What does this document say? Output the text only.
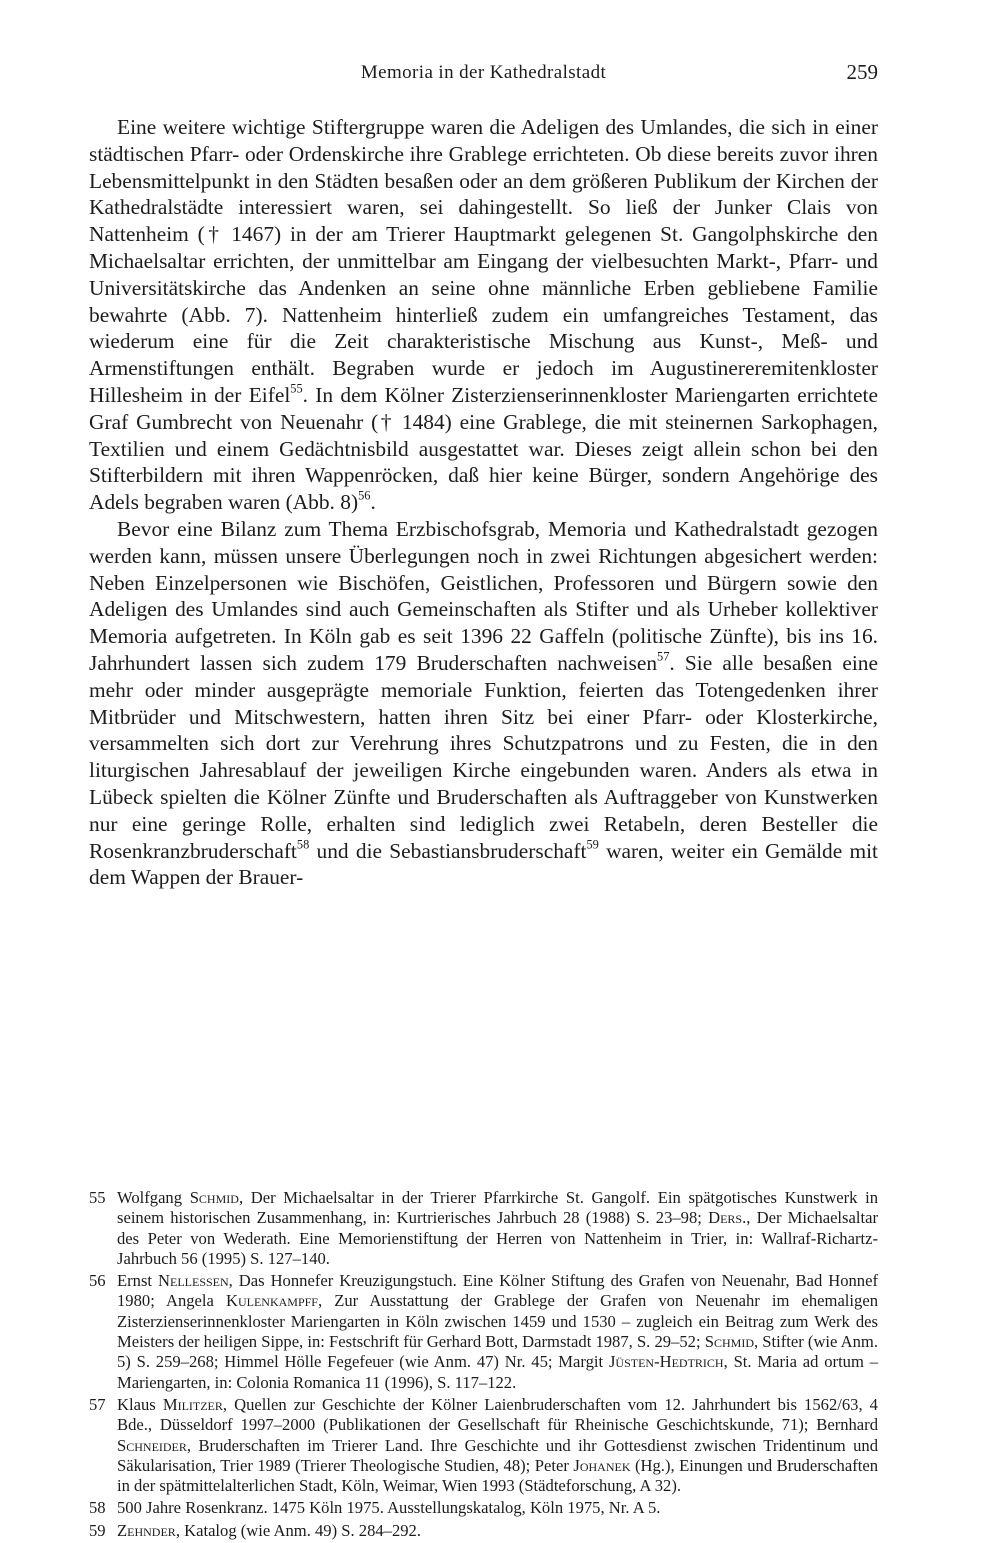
Memoria in der Kathedralstadt	259

Eine weitere wichtige Stiftergruppe waren die Adeligen des Umlandes, die sich in einer städtischen Pfarr- oder Ordenskirche ihre Grablege errichteten. Ob diese bereits zuvor ihren Lebensmittelpunkt in den Städten besaßen oder an dem größeren Publikum der Kirchen der Kathedralstädte interessiert waren, sei dahingestellt. So ließ der Junker Clais von Nattenheim († 1467) in der am Trierer Hauptmarkt gelegenen St. Gangolphskirche den Michaelsaltar errichten, der unmittelbar am Eingang der vielbesuchten Markt-, Pfarr- und Universitätskirche das Andenken an seine ohne männliche Erben gebliebene Familie bewahrte (Abb. 7). Nattenheim hinterließ zudem ein umfangreiches Testament, das wiederum eine für die Zeit charakteristische Mischung aus Kunst-, Meß- und Armenstiftungen enthält. Begraben wurde er jedoch im Augustinereremitenkloster Hillesheim in der Eifel$^{55}$. In dem Kölner Zisterzienserinnenkloster Mariengarten errichtete Graf Gumbrecht von Neuenahr († 1484) eine Grablege, die mit steinernen Sarkophagen, Textilien und einem Gedächtnisbild ausgestattet war. Dieses zeigt allein schon bei den Stifterbildern mit ihren Wappenröcken, daß hier keine Bürger, sondern Angehörige des Adels begraben waren (Abb. 8)$^{56}$.

Bevor eine Bilanz zum Thema Erzbischofsgrab, Memoria und Kathedralstadt gezogen werden kann, müssen unsere Überlegungen noch in zwei Richtungen abgesichert werden: Neben Einzelpersonen wie Bischöfen, Geistlichen, Professoren und Bürgern sowie den Adeligen des Umlandes sind auch Gemeinschaften als Stifter und als Urheber kollektiver Memoria aufgetreten. In Köln gab es seit 1396 22 Gaffeln (politische Zünfte), bis ins 16. Jahrhundert lassen sich zudem 179 Bruderschaften nachweisen$^{57}$. Sie alle besaßen eine mehr oder minder ausgeprägte memoriale Funktion, feierten das Totengedenken ihrer Mitbrüder und Mitschwestern, hatten ihren Sitz bei einer Pfarr- oder Klosterkirche, versammelten sich dort zur Verehrung ihres Schutzpatrons und zu Festen, die in den liturgischen Jahresablauf der jeweiligen Kirche eingebunden waren. Anders als etwa in Lübeck spielten die Kölner Zünfte und Bruderschaften als Auftraggeber von Kunstwerken nur eine geringe Rolle, erhalten sind lediglich zwei Retabeln, deren Besteller die Rosenkranzbruderschaft$^{58}$ und die Sebastiansbruderschaft$^{59}$ waren, weiter ein Gemälde mit dem Wappen der Brauer-

55 Wolfgang Schmid, Der Michaelsaltar in der Trierer Pfarrkirche St. Gangolf. Ein spätgotisches Kunstwerk in seinem historischen Zusammenhang, in: Kurtrierisches Jahrbuch 28 (1988) S. 23–98; Ders., Der Michaelsaltar des Peter von Wederath. Eine Memorienstiftung der Herren von Nattenheim in Trier, in: Wallraf-Richartz-Jahrbuch 56 (1995) S. 127–140.
56 Ernst Nellessen, Das Honnefer Kreuzigungstuch. Eine Kölner Stiftung des Grafen von Neuenahr, Bad Honnef 1980; Angela Kulenkampff, Zur Ausstattung der Grablege der Grafen von Neuenahr im ehemaligen Zisterzienserinnenkloster Mariengarten in Köln zwischen 1459 und 1530 – zugleich ein Beitrag zum Werk des Meisters der heiligen Sippe, in: Festschrift für Gerhard Bott, Darmstadt 1987, S. 29–52; Schmid, Stifter (wie Anm. 5) S. 259–268; Himmel Hölle Fegefeuer (wie Anm. 47) Nr. 45; Margit Jüsten-Hedtrich, St. Maria ad ortum – Mariengarten, in: Colonia Romanica 11 (1996), S. 117–122.
57 Klaus Militzer, Quellen zur Geschichte der Kölner Laienbruderschaften vom 12. Jahrhundert bis 1562/63, 4 Bde., Düsseldorf 1997–2000 (Publikationen der Gesellschaft für Rheinische Geschichtskunde, 71); Bernhard Schneider, Bruderschaften im Trierer Land. Ihre Geschichte und ihr Gottesdienst zwischen Tridentinum und Säkularisation, Trier 1989 (Trierer Theologische Studien, 48); Peter Johanek (Hg.), Einungen und Bruderschaften in der spätmittelalterlichen Stadt, Köln, Weimar, Wien 1993 (Städteforschung, A 32).
58 500 Jahre Rosenkranz. 1475 Köln 1975. Ausstellungskatalog, Köln 1975, Nr. A 5.
59 Zehnder, Katalog (wie Anm. 49) S. 284–292.
